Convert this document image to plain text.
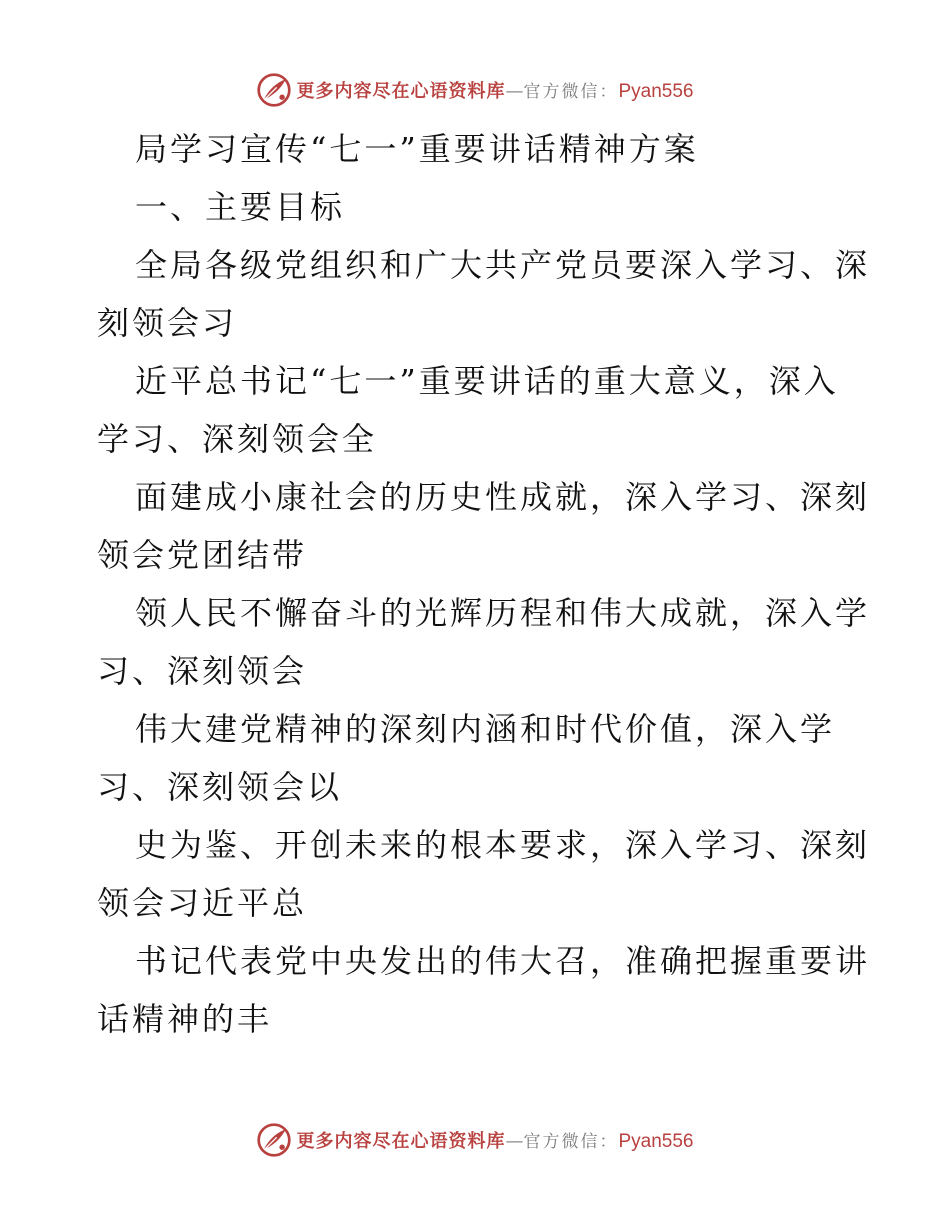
更多内容尽在心语资料库 — 官方微信： Pyan556
局学习宣传“七一”重要讲话精神方案
一、主要目标
全局各级党组织和广大共产党员要深入学习、深
刻领会习
近平总书记“七一”重要讲话的重大意义，深入
学习、深刻领会全
面建成小康社会的历史性成就，深入学习、深刻
领会党团结带
领人民不懈奋斗的光辉历程和伟大成就，深入学
习、深刻领会
伟大建党精神的深刻内涵和时代价值，深入学
习、深刻领会以
史为鉴、开创未来的根本要求，深入学习、深刻
领会习近平总
书记代表党中央发出的伟大召，准确把握重要讲
话精神的丰
更多内容尽在心语资料库 — 官方微信： Pyan556
